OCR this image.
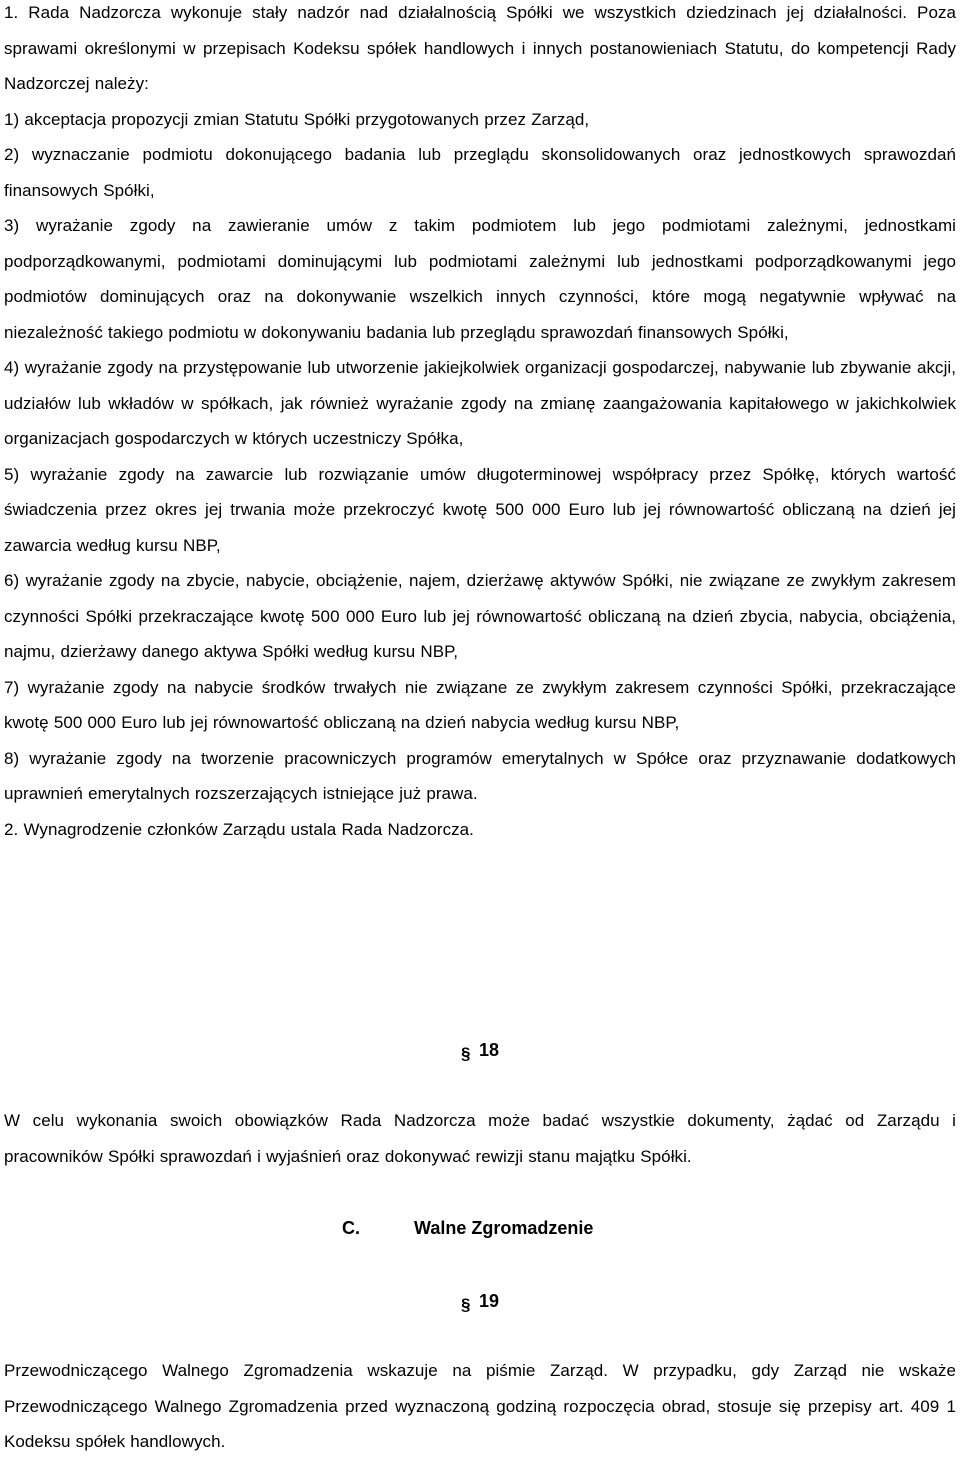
1. Rada Nadzorcza wykonuje stały nadzór nad działalnością Spółki we wszystkich dziedzinach jej działalności. Poza sprawami określonymi w przepisach Kodeksu spółek handlowych i innych postanowieniach Statutu, do kompetencji Rady Nadzorczej należy:

1) akceptacja propozycji zmian Statutu Spółki przygotowanych przez Zarząd,

2) wyznaczanie podmiotu dokonującego badania lub przeglądu skonsolidowanych oraz jednostkowych sprawozdań finansowych Spółki,

3) wyrażanie zgody na zawieranie umów z takim podmiotem lub jego podmiotami zależnymi, jednostkami podporządkowanymi, podmiotami dominującymi lub podmiotami zależnymi lub jednostkami podporządkowanymi jego podmiotów dominujących oraz na dokonywanie wszelkich innych czynności, które mogą negatywnie wpływać na niezależność takiego podmiotu w dokonywaniu badania lub przeglądu sprawozdań finansowych Spółki,

4) wyrażanie zgody na przystępowanie lub utworzenie jakiejkolwiek organizacji gospodarczej, nabywanie lub zbywanie akcji, udziałów lub wkładów w spółkach, jak również wyrażanie zgody na zmianę zaangażowania kapitałowego w jakichkolwiek organizacjach gospodarczych w których uczestniczy Spółka,

5) wyrażanie zgody na zawarcie lub rozwiązanie umów długoterminowej współpracy przez Spółkę, których wartość świadczenia przez okres jej trwania może przekroczyć kwotę 500 000 Euro lub jej równowartość obliczaną na dzień jej zawarcia według kursu NBP,

6) wyrażanie zgody na zbycie, nabycie, obciążenie, najem, dzierżawę aktywów Spółki, nie związane ze zwykłym zakresem czynności Spółki przekraczające kwotę 500 000 Euro lub jej równowartość obliczaną na dzień zbycia, nabycia, obciążenia, najmu, dzierżawy danego aktywa Spółki według kursu NBP,

7) wyrażanie zgody na nabycie środków trwałych nie związane ze zwykłym zakresem czynności Spółki, przekraczające kwotę 500 000 Euro lub jej równowartość obliczaną na dzień nabycia według kursu NBP,

8) wyrażanie zgody na tworzenie pracowniczych programów emerytalnych w Spółce oraz przyznawanie dodatkowych uprawnień emerytalnych rozszerzających istniejące już prawa.

2. Wynagrodzenie członków Zarządu ustala Rada Nadzorcza.

§ 18

W celu wykonania swoich obowiązków Rada Nadzorcza może badać wszystkie dokumenty, żądać od Zarządu i pracowników Spółki sprawozdań i wyjaśnień oraz dokonywać rewizji stanu majątku Spółki.

C.	Walne Zgromadzenie
§ 19

Przewodniczącego Walnego Zgromadzenia wskazuje na piśmie Zarząd. W przypadku, gdy Zarząd nie wskaże Przewodniczącego Walnego Zgromadzenia przed wyznaczoną godziną rozpoczęcia obrad, stosuje się przepisy art. 409 1 Kodeksu spółek handlowych.
